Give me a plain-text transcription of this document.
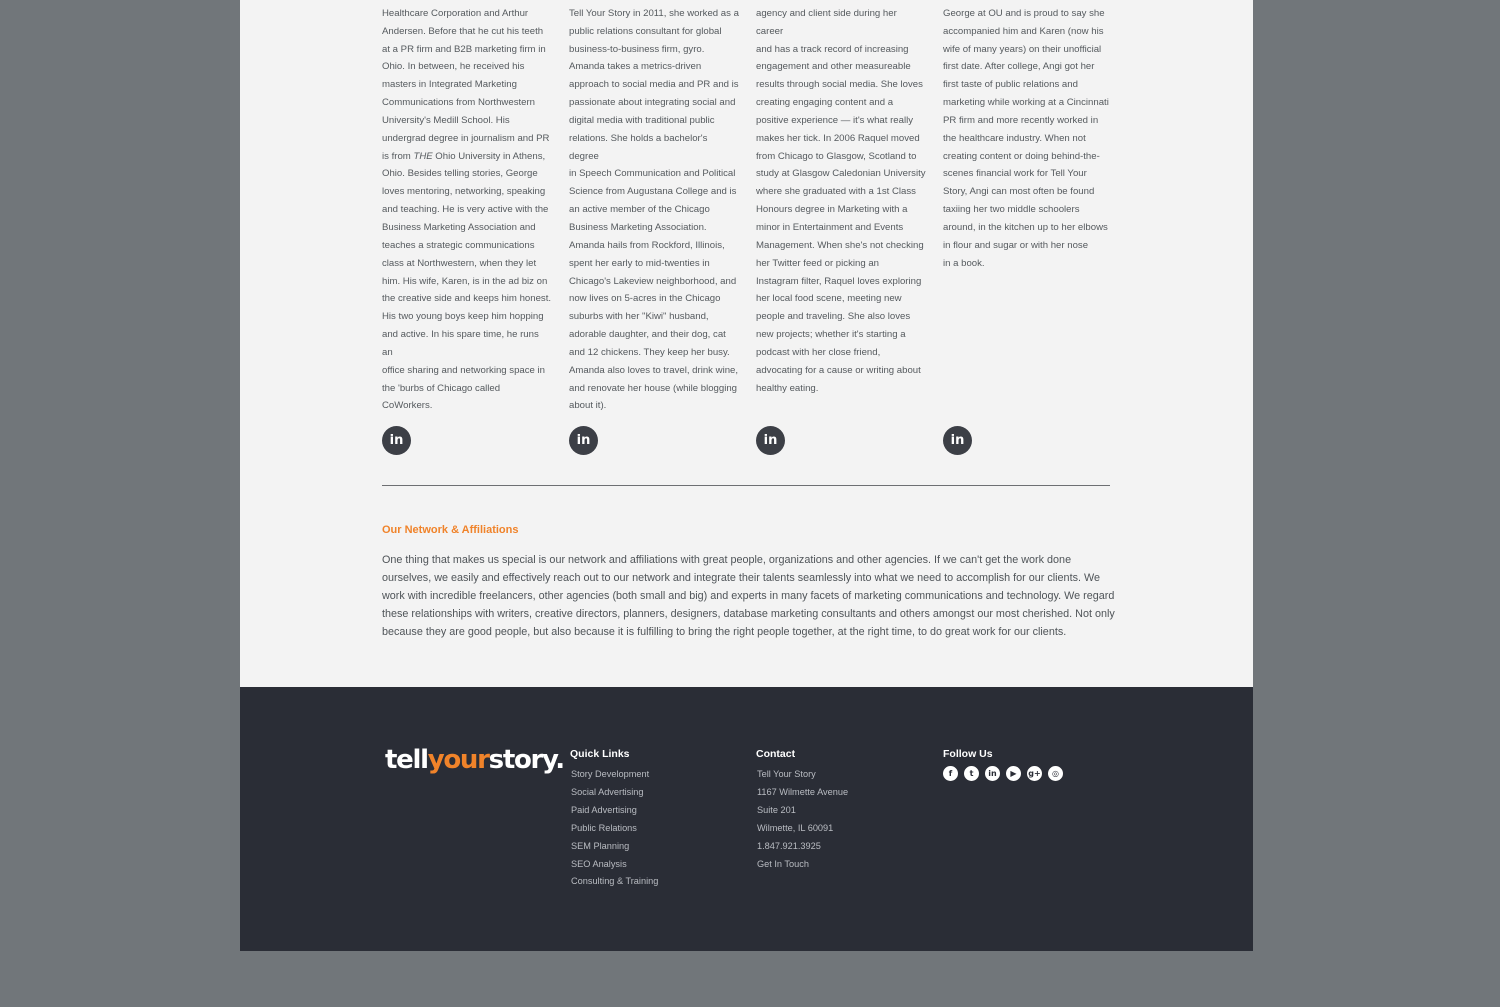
Healthcare Corporation and Arthur
Andersen. Before that he cut his teeth
at a PR firm and B2B marketing firm in
Ohio. In between, he received his
masters in Integrated Marketing
Communications from Northwestern
University's Medill School. His
undergrad degree in journalism and PR
is from THE Ohio University in Athens,
Ohio. Besides telling stories, George
loves mentoring, networking, speaking
and teaching. He is very active with the
Business Marketing Association and
teaches a strategic communications
class at Northwestern, when they let
him. His wife, Karen, is in the ad biz on
the creative side and keeps him honest.
His two young boys keep him hopping
and active. In his spare time, he runs an
office sharing and networking space in
the 'burbs of Chicago called CoWorkers.

Tell Your Story in 2011, she worked as a
public relations consultant for global
business-to-business firm, gyro.
Amanda takes a metrics-driven
approach to social media and PR and is
passionate about integrating social and
digital media with traditional public
relations. She holds a bachelor's degree
in Speech Communication and Political
Science from Augustana College and is
an active member of the Chicago
Business Marketing Association.
Amanda hails from Rockford, Illinois,
spent her early to mid-twenties in
Chicago's Lakeview neighborhood, and
now lives on 5-acres in the Chicago
suburbs with her "Kiwi" husband,
adorable daughter, and their dog, cat
and 12 chickens. They keep her busy.
Amanda also loves to travel, drink wine,
and renovate her house (while blogging
about it).

agency and client side during her career
and has a track record of increasing
engagement and other measureable
results through social media. She loves
creating engaging content and a
positive experience — it's what really
makes her tick. In 2006 Raquel moved
from Chicago to Glasgow, Scotland to
study at Glasgow Caledonian University
where she graduated with a 1st Class
Honours degree in Marketing with a
minor in Entertainment and Events
Management. When she's not checking
her Twitter feed or picking an
Instagram filter, Raquel loves exploring
her local food scene, meeting new
people and traveling. She also loves
new projects; whether it's starting a
podcast with her close friend,
advocating for a cause or writing about
healthy eating.

George at OU and is proud to say she
accompanied him and Karen (now his
wife of many years) on their unofficial
first date. After college, Angi got her
first taste of public relations and
marketing while working at a Cincinnati
PR firm and more recently worked in
the healthcare industry. When not
creating content or doing behind-the-
scenes financial work for Tell Your
Story, Angi can most often be found
taxiing her two middle schoolers
around, in the kitchen up to her elbows
in flour and sugar or with her nose
in a book.

in	in	in	in
Our Network & Affiliations

One thing that makes us special is our network and affiliations with great people, organizations and other agencies. If we can't get the work done ourselves, we easily and effectively reach out to our network and integrate their talents seamlessly into what we need to accomplish for our clients. We work with incredible freelancers, other agencies (both small and big) and experts in many facets of marketing communications and technology. We regard these relationships with writers, creative directors, planners, designers, database marketing consultants and others amongst our most cherished. Not only because they are good people, but also because it is fulfilling to bring the right people together, at the right time, to do great work for our clients.

tellyourstory. Quick Links
Story Development
Social Advertising
Paid Advertising
Public Relations
SEM Planning
SEO Analysis
Consulting & Training
Contact
Tell Your Story
1167 Wilmette Avenue
Suite 201
Wilmette, IL 60091
1.847.921.3925
Get In Touch
Follow Us
f	t	in	▶	g+	◎
